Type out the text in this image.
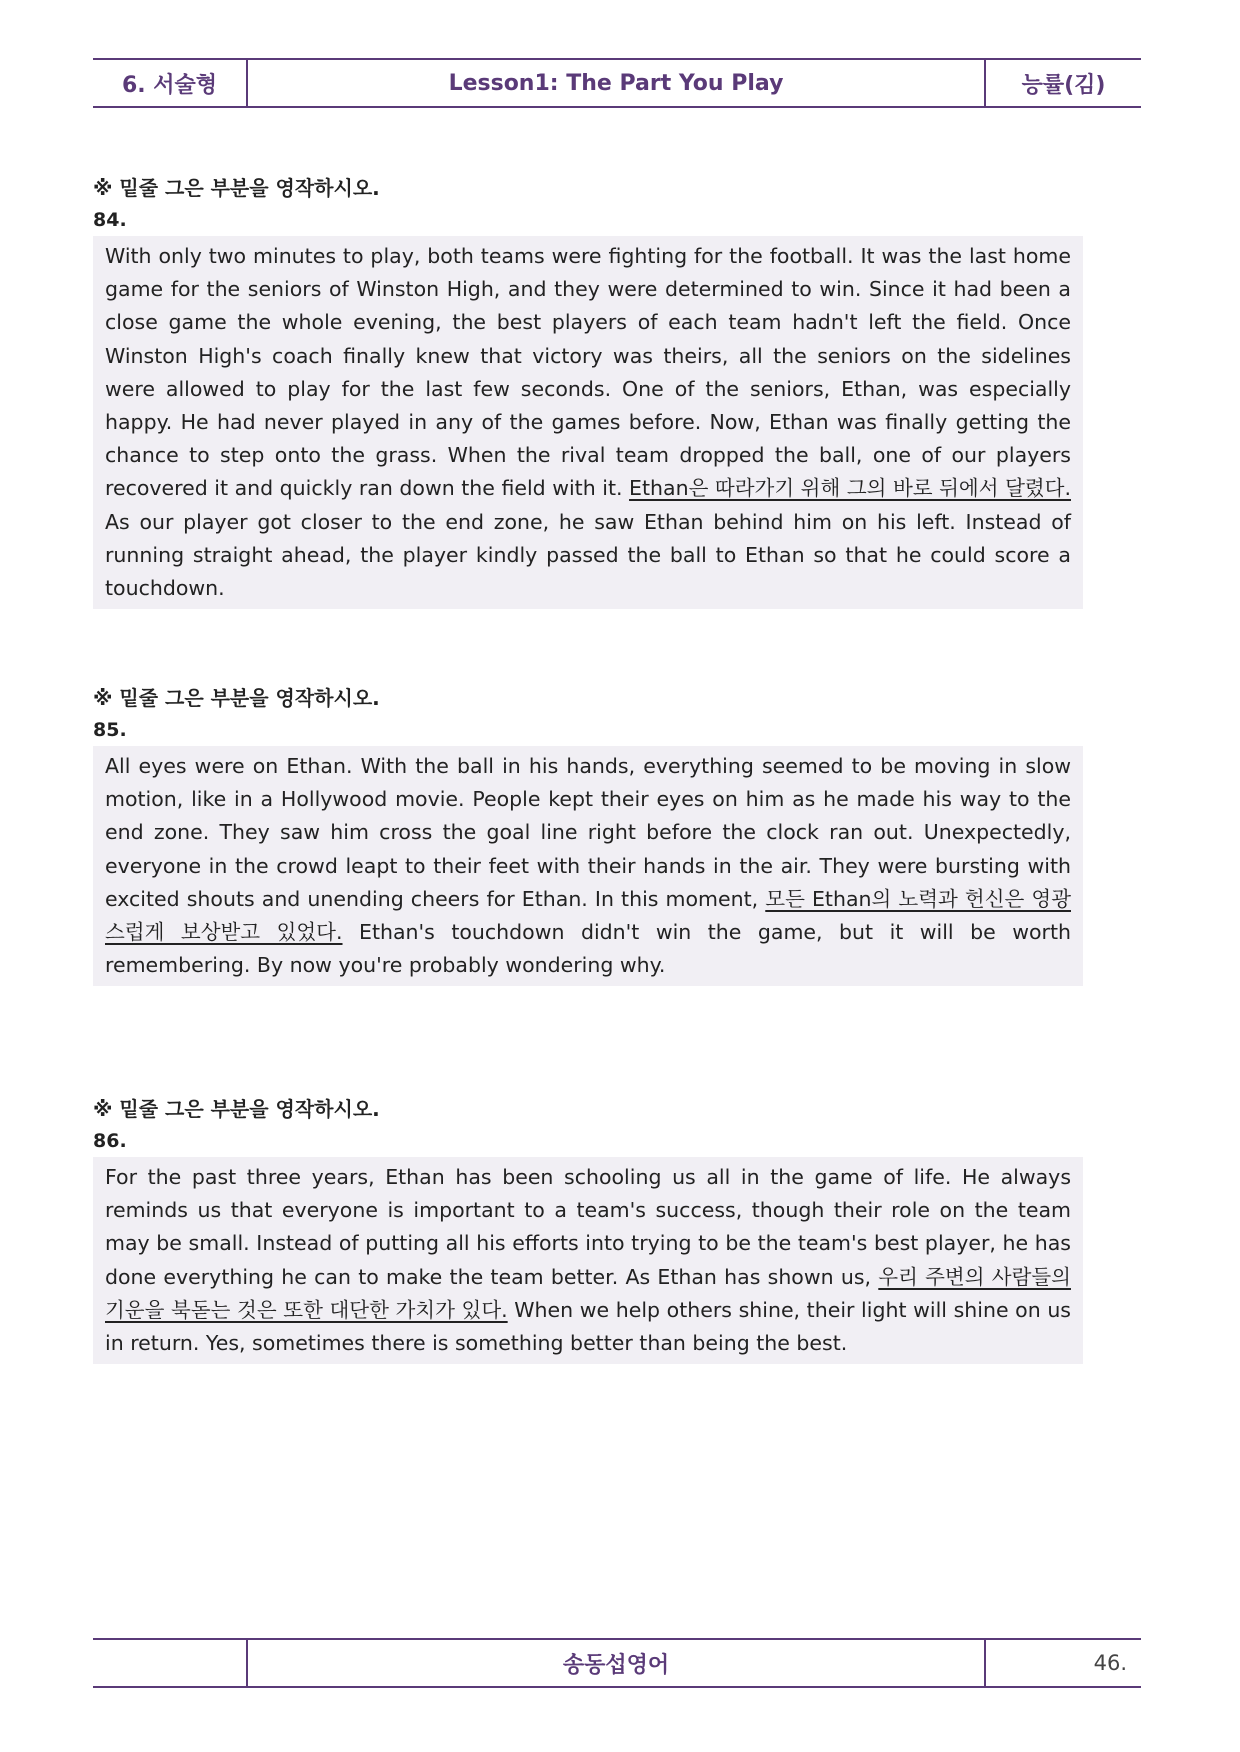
6. 서술형	Lesson1: The Part You Play	능률(김)

※ 밑줄 그은 부분을 영작하시오.

84.

With only two minutes to play, both teams were fighting for the football. It was the last home game for the seniors of Winston High, and they were determined to win. Since it had been a close game the whole evening, the best players of each team hadn't left the field. Once Winston High's coach finally knew that victory was theirs, all the seniors on the sidelines were allowed to play for the last few seconds. One of the seniors, Ethan, was especially happy. He had never played in any of the games before. Now, Ethan was finally getting the chance to step onto the grass. When the rival team dropped the ball, one of our players recovered it and quickly ran down the field with it. Ethan은 따라가기 위해 그의 바로 뒤에서 달렸다. As our player got closer to the end zone, he saw Ethan behind him on his left. Instead of running straight ahead, the player kindly passed the ball to Ethan so that he could score a touchdown.

※ 밑줄 그은 부분을 영작하시오.

85.

All eyes were on Ethan. With the ball in his hands, everything seemed to be moving in slow motion, like in a Hollywood movie. People kept their eyes on him as he made his way to the end zone. They saw him cross the goal line right before the clock ran out. Unexpectedly, everyone in the crowd leapt to their feet with their hands in the air. They were bursting with excited shouts and unending cheers for Ethan. In this moment, 모든 Ethan의 노력과 헌신은 영광스럽게 보상받고 있었다. Ethan's touchdown didn't win the game, but it will be worth remembering. By now you're probably wondering why.

※ 밑줄 그은 부분을 영작하시오.

86.

For the past three years, Ethan has been schooling us all in the game of life. He always reminds us that everyone is important to a team's success, though their role on the team may be small. Instead of putting all his efforts into trying to be the team's best player, he has done everything he can to make the team better. As Ethan has shown us, 우리 주변의 사람들의 기운을 북돋는 것은 또한 대단한 가치가 있다. When we help others shine, their light will shine on us in return. Yes, sometimes there is something better than being the best.
송동섭영어	46.
